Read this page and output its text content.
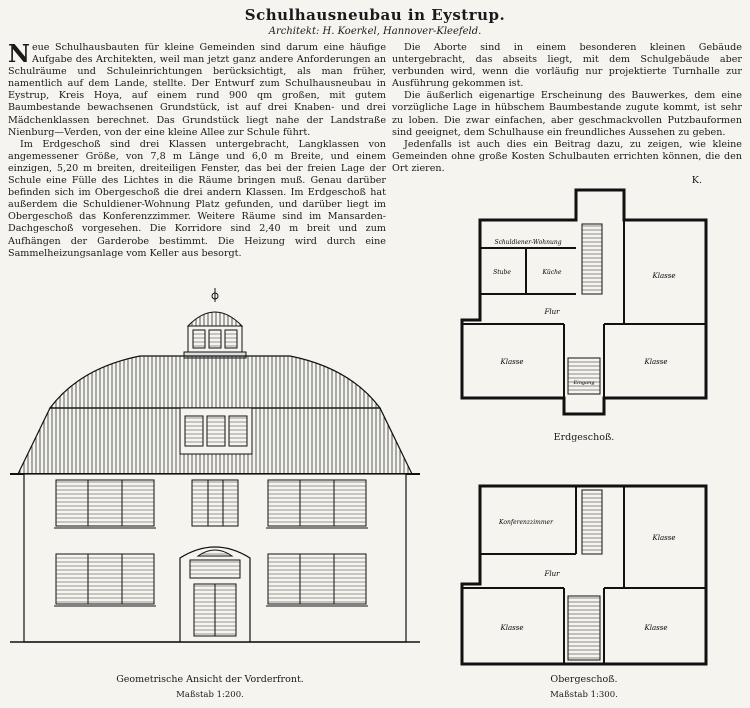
Schulhausneubau in Eystrup.
Architekt: H. Koerkel, Hannover-Kleefeld.

Neue Schulhausbauten für kleine Gemeinden sind darum eine häufige Aufgabe des Architekten, weil man jetzt ganz andere Anforderungen an Schulräume und Schuleinrichtungen berücksichtigt, als man früher, namentlich auf dem Lande, stellte. Der Entwurf zum Schulhausneubau in Eystrup, Kreis Hoya, auf einem rund 900 qm großen, mit gutem Baumbestande bewachsenen Grundstück, ist auf drei Knaben- und drei Mädchenklassen berechnet. Das Grundstück liegt nahe der Landstraße Nienburg—Verden, von der eine kleine Allee zur Schule führt.

Im Erdgeschoß sind drei Klassen untergebracht, Langklassen von angemessener Größe, von 7,8 m Länge und 6,0 m Breite, und einem einzigen, 5,20 m breiten, dreiteiligen Fenster, das bei der freien Lage der Schule eine Fülle des Lichtes in die Räume bringen muß. Genau darüber befinden sich im Obergeschoß die drei andern Klassen. Im Erdgeschoß hat außerdem die Schuldiener-Wohnung Platz gefunden, und darüber liegt im Obergeschoß das Konferenzzimmer. Weitere Räume sind im Mansarden-Dachgeschoß vorgesehen. Die Korridore sind 2,40 m breit und zum Aufhängen der Garderobe bestimmt. Die Heizung wird durch eine Sammelheizungsanlage vom Keller aus besorgt.

Die Aborte sind in einem besonderen kleinen Gebäude untergebracht, das abseits liegt, mit dem Schulgebäude aber verbunden wird, wenn die vorläufig nur projektierte Turnhalle zur Ausführung gekommen ist.

Die äußerlich eigenartige Erscheinung des Bauwerkes, dem eine vorzügliche Lage in hübschem Baumbestande zugute kommt, ist sehr zu loben. Die zwar einfachen, aber geschmackvollen Putzbauformen sind geeignet, dem Schulhause ein freundliches Aussehen zu geben.

Jedenfalls ist auch dies ein Beitrag dazu, zu zeigen, wie kleine Gemeinden ohne große Kosten Schulbauten errichten können, die den Ort zieren.

K.
Geometrische Ansicht der Vorderfront.
Maßstab 1:200.
Schuldiener-Wohnung
Stube	Küche	Klasse
Flur
Klasse	Klasse
Eingang
Erdgeschoß.
Konferenzzimmer
Klasse
Flur
Klasse	Klasse
Obergeschoß.
Maßstab 1:300.
